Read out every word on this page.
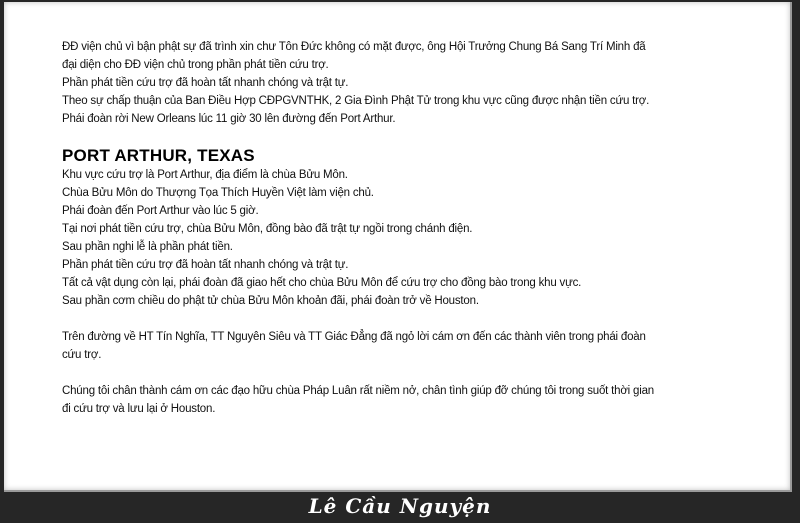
ĐĐ viện chủ vì bận phật sự đã trình xin chư Tôn Đức không có mặt được, ông Hội Trưởng Chung Bá Sang Trí Minh đã
đại diện cho ĐĐ viện chủ trong phần phát tiền cứu trợ.
Phần phát tiền cứu trợ đã hoàn tất nhanh chóng và trật tự.
Theo sự chấp thuận của Ban Điều Hợp CĐPGVNTHK, 2 Gia Đình Phật Tử trong khu vực cũng được nhận tiền cứu trợ.
Phái đoàn rời New Orleans lúc 11 giờ 30 lên đường đến Port Arthur.
PORT ARTHUR, TEXAS
Khu vực cứu trợ là Port Arthur, địa điểm là chùa Bửu Môn.
Chùa Bửu Môn do Thượng Tọa Thích Huyền Việt làm viện chủ.
Phái đoàn đến Port Arthur vào lúc 5 giờ.
Tại nơi phát tiền cứu trợ, chùa Bửu Môn, đồng bào đã trật tự ngồi trong chánh điện.
Sau phần nghi lễ là phần phát tiền.
Phần phát tiền cứu trợ đã hoàn tất nhanh chóng và trật tự.
Tất cả vật dụng còn lại, phái đoàn đã giao hết cho chùa Bửu Môn để cứu trợ cho đồng bào trong khu vực.
Sau phần cơm chiều do phật tử chùa Bửu Môn khoản đãi, phái đoàn trở về Houston.
Trên đường về HT Tín Nghĩa, TT Nguyên Siêu và TT Giác Đẳng đã ngỏ lời cám ơn đến các thành viên trong phái đoàn
cứu trợ.
Chúng tôi chân thành cám ơn các đạo hữu chùa Pháp Luân rất niềm nở, chân tình giúp đỡ chúng tôi trong suốt thời gian
đi cứu trợ và lưu lại ở Houston.
Lê Cầu Nguyện
